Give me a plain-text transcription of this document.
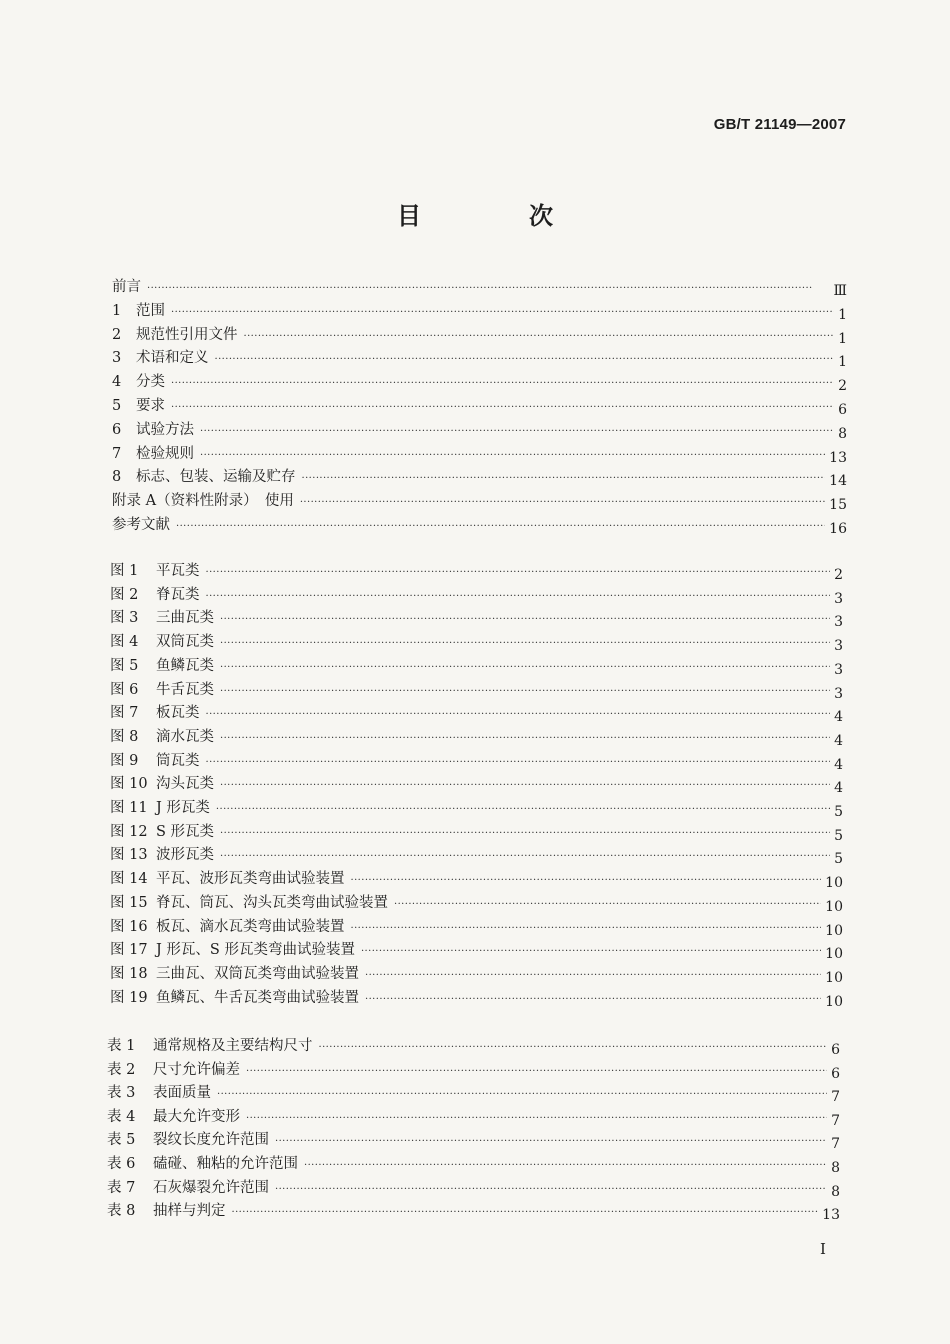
GB/T 21149—2007
目　次
前言 ·····	Ⅲ
1	范围 ·····	1
2	规范性引用文件 ·····	1
3	术语和定义 ·····	1
4	分类 ·····	2
5	要求 ·····	6
6	试验方法 ·····	8
7	检验规则 ·····	13
8	标志、包装、运输及贮存 ·····	14
附录 A（资料性附录）　使用 ·····	15
参考文献 ·····	16
图 1	平瓦类 ·····	2
图 2	脊瓦类 ·····	3
图 3	三曲瓦类 ·····	3
图 4	双筒瓦类 ·····	3
图 5	鱼鳞瓦类 ·····	3
图 6	牛舌瓦类 ·····	3
图 7	板瓦类 ·····	4
图 8	滴水瓦类 ·····	4
图 9	筒瓦类 ·····	4
图 10 沟头瓦类 ·····	4
图 11 J 形瓦类 ·····	5
图 12 S 形瓦类 ·····	5
图 13 波形瓦类 ·····	5
图 14 平瓦、波形瓦类弯曲试验装置 ·····	10
图 15 脊瓦、筒瓦、沟头瓦类弯曲试验装置 ·····	10
图 16 板瓦、滴水瓦类弯曲试验装置 ·····	10
图 17 J 形瓦、S 形瓦类弯曲试验装置 ·····	10
图 18 三曲瓦、双筒瓦类弯曲试验装置 ·····	10
图 19 鱼鳞瓦、牛舌瓦类弯曲试验装置 ·····	10
表 1	通常规格及主要结构尺寸 ·····	6
表 2	尺寸允许偏差 ·····	6
表 3	表面质量 ·····	7
表 4	最大允许变形 ·····	7
表 5	裂纹长度允许范围 ·····	7
表 6	磕碰、釉粘的允许范围 ·····	8
表 7	石灰爆裂允许范围 ·····	8
表 8	抽样与判定 ·····	13
I
